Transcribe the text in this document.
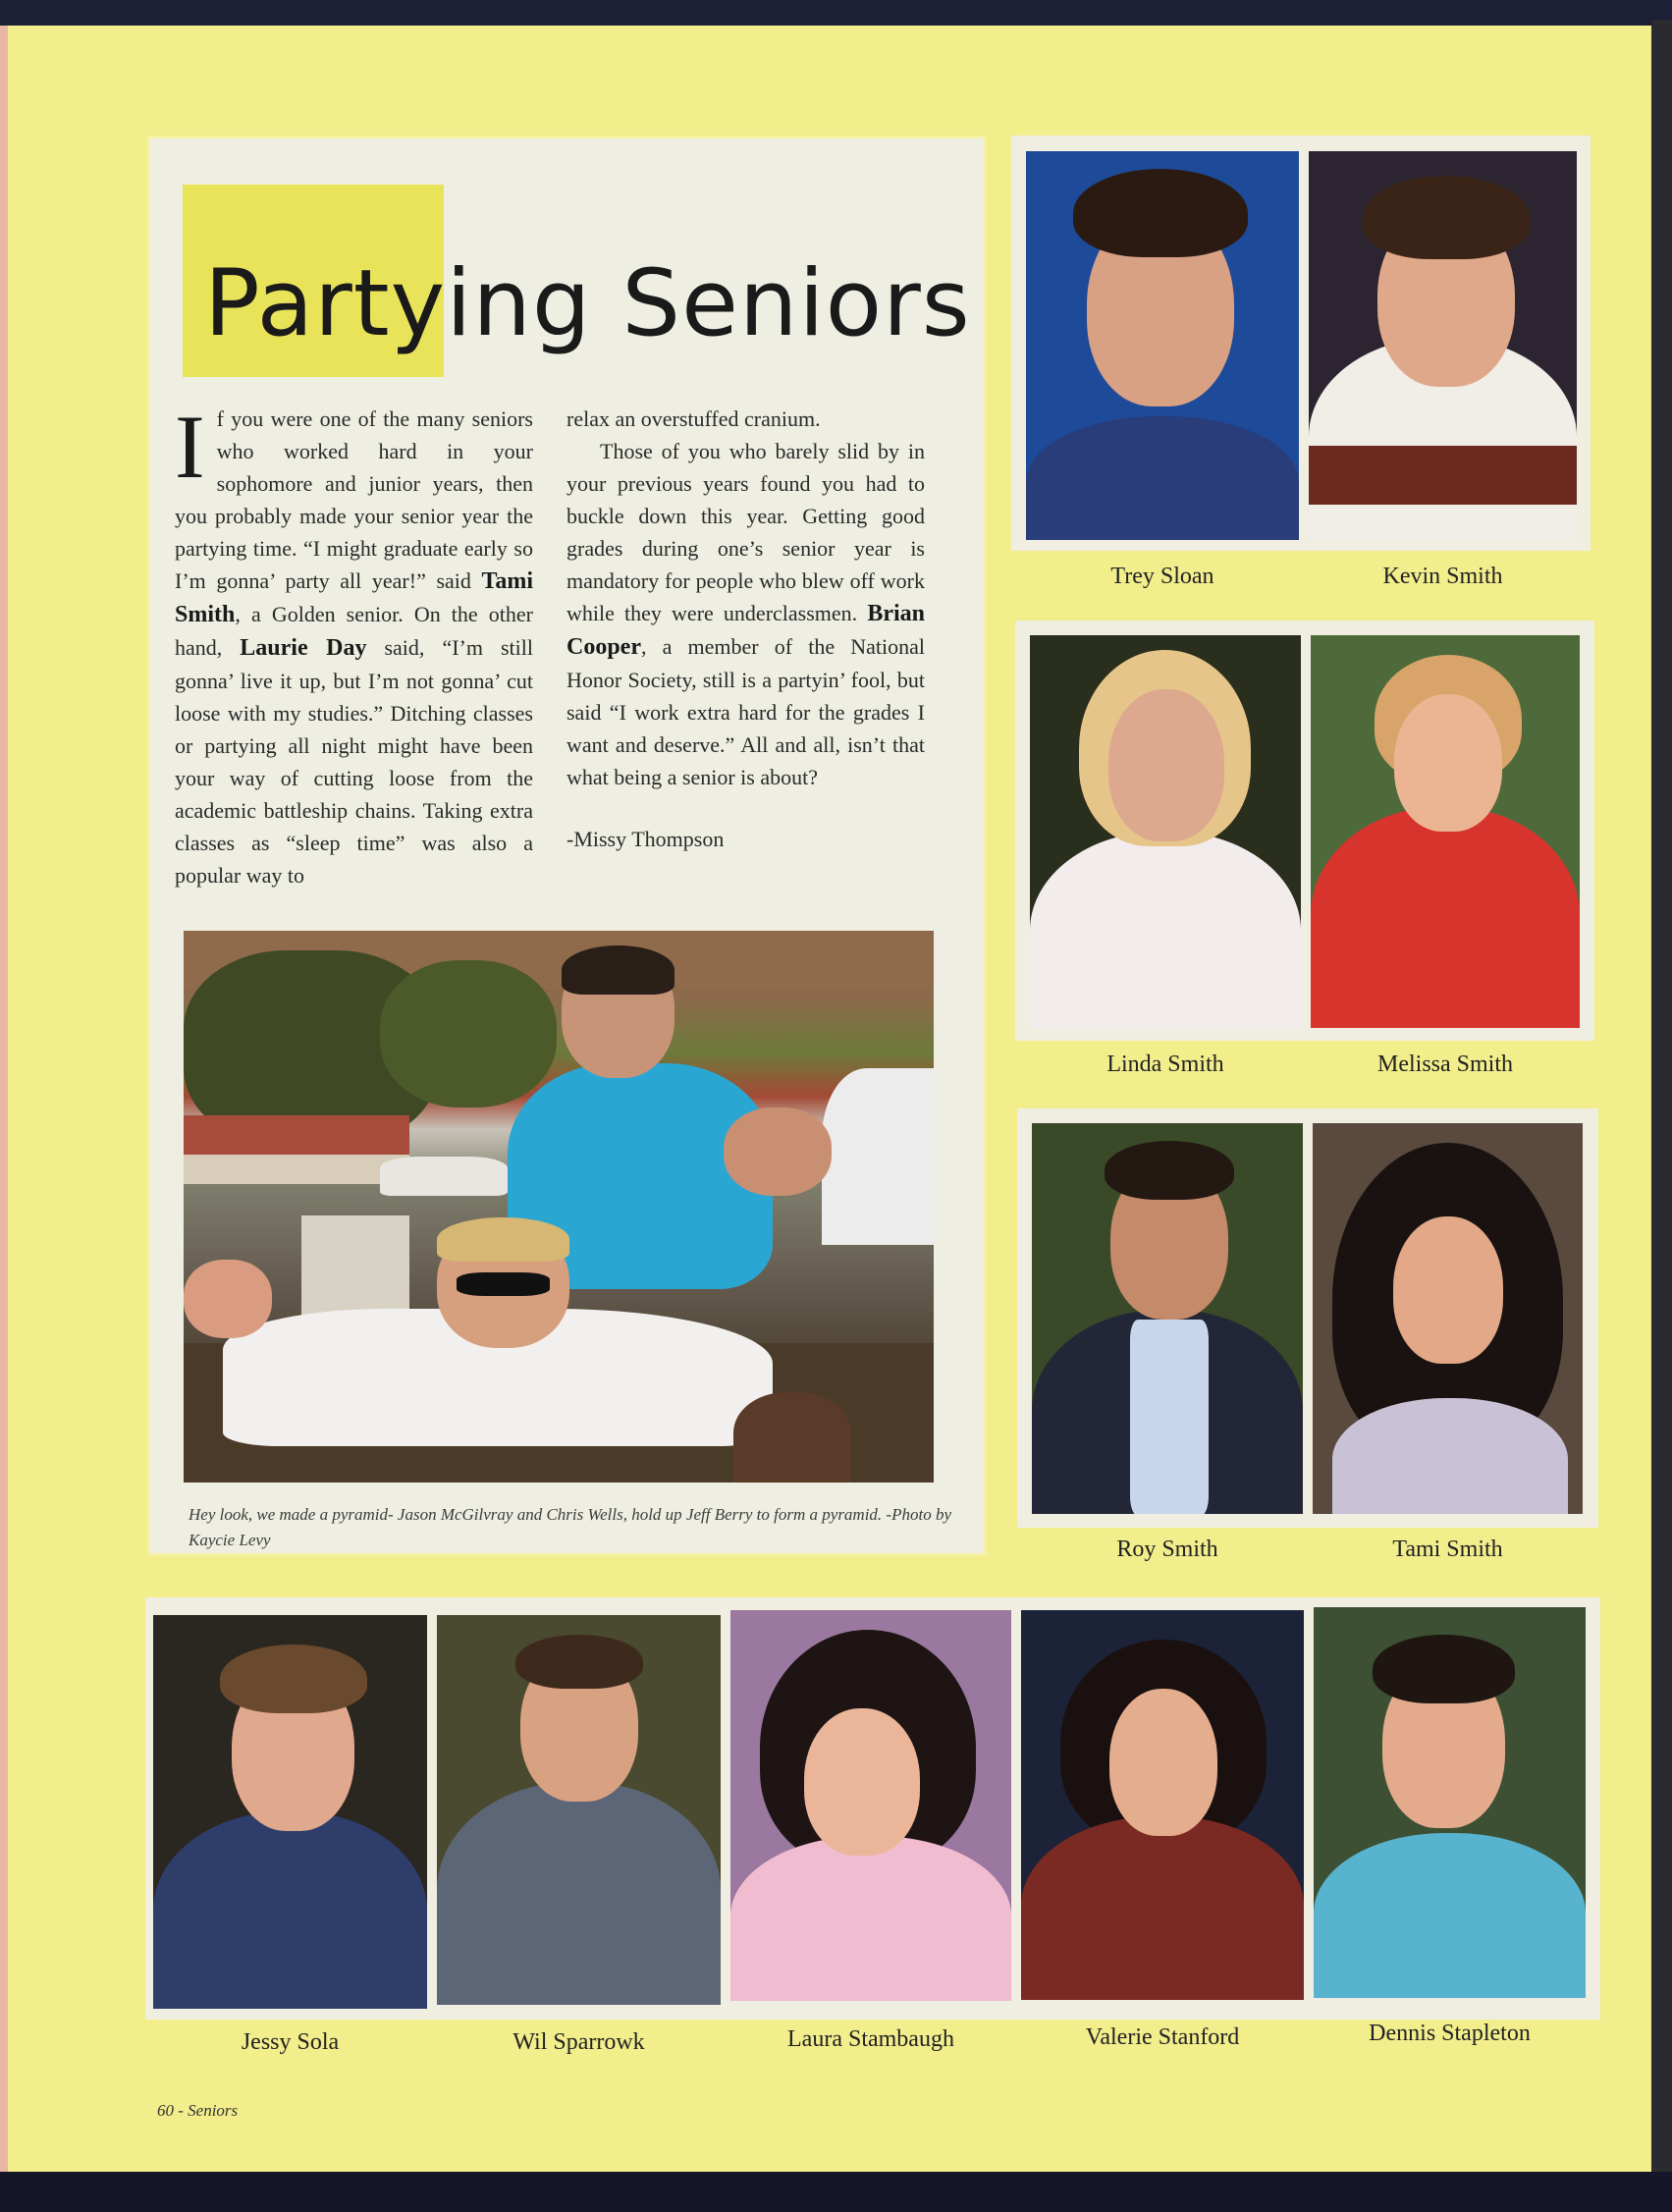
Partying Seniors

If you were one of the many seniors who worked hard in your sophomore and junior years, then you probably made your senior year the partying time. “I might graduate early so I’m gonna’ party all year!” said Tami Smith, a Golden senior. On the other hand, Laurie Day said, “I’m still gonna’ live it up, but I’m not gonna’ cut loose with my studies.” Ditching classes or partying all night might have been your way of cutting loose from the academic battleship chains. Taking extra classes as “sleep time” was also a popular way to

relax an overstuffed cranium.

Those of you who barely slid by in your previous years found you had to buckle down this year. Getting good grades during one’s senior year is mandatory for people who blew off work while they were underclassmen. Brian Cooper, a member of the National Honor Society, still is a partyin’ fool, but said “I work extra hard for the grades I want and deserve.” All and all, isn’t that what being a senior is about?

-Missy Thompson

Hey look, we made a pyramid- Jason McGilvray and Chris Wells, hold up Jeff Berry to form a pyramid. -Photo by Kaycie Levy
Trey Sloan	Kevin Smith
Linda Smith	Melissa Smith
Roy Smith	Tami Smith
Jessy Sola	Wil Sparrowk	Laura Stambaugh	Valerie Stanford	Dennis Stapleton
60 - Seniors
